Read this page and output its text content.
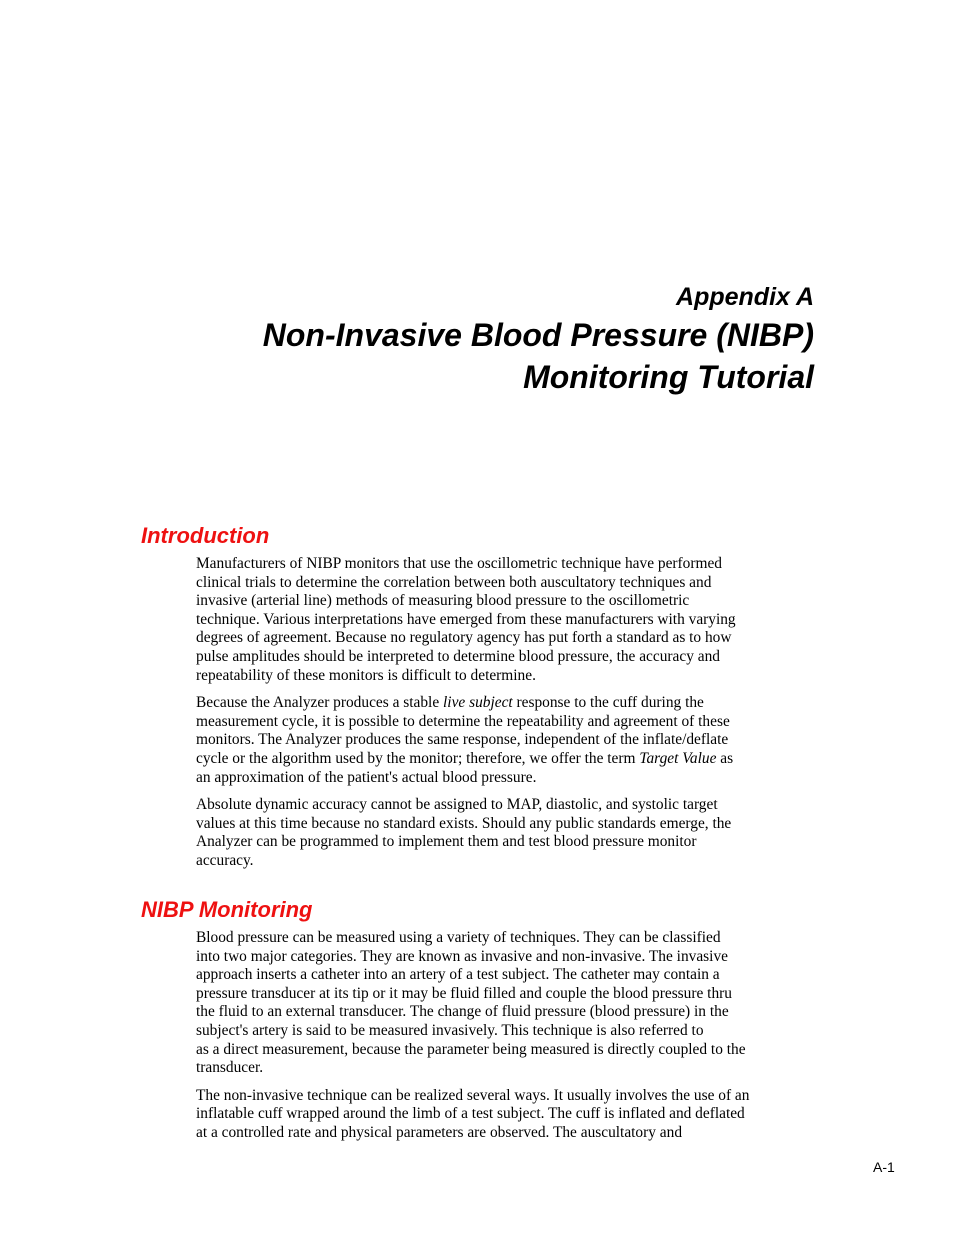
Appendix A
Non-Invasive Blood Pressure (NIBP)
Monitoring Tutorial
Introduction

Manufacturers of NIBP monitors that use the oscillometric technique have performed
clinical trials to determine the correlation between both auscultatory techniques and
invasive (arterial line) methods of measuring blood pressure to the oscillometric
technique. Various interpretations have emerged from these manufacturers with varying
degrees of agreement. Because no regulatory agency has put forth a standard as to how
pulse amplitudes should be interpreted to determine blood pressure, the accuracy and
repeatability of these monitors is difficult to determine.

Because the Analyzer produces a stable live subject response to the cuff during the
measurement cycle, it is possible to determine the repeatability and agreement of these
monitors. The Analyzer produces the same response, independent of the inflate/deflate
cycle or the algorithm used by the monitor; therefore, we offer the term Target Value as
an approximation of the patient's actual blood pressure.

Absolute dynamic accuracy cannot be assigned to MAP, diastolic, and systolic target
values at this time because no standard exists. Should any public standards emerge, the
Analyzer can be programmed to implement them and test blood pressure monitor
accuracy.

NIBP Monitoring

Blood pressure can be measured using a variety of techniques. They can be classified
into two major categories. They are known as invasive and non-invasive. The invasive
approach inserts a catheter into an artery of a test subject. The catheter may contain a
pressure transducer at its tip or it may be fluid filled and couple the blood pressure thru
the fluid to an external transducer. The change of fluid pressure (blood pressure) in the
subject's artery is said to be measured invasively. This technique is also referred to
as a direct measurement, because the parameter being measured is directly coupled to the
transducer.

The non-invasive technique can be realized several ways. It usually involves the use of an
inflatable cuff wrapped around the limb of a test subject. The cuff is inflated and deflated
at a controlled rate and physical parameters are observed. The auscultatory and

A-1
